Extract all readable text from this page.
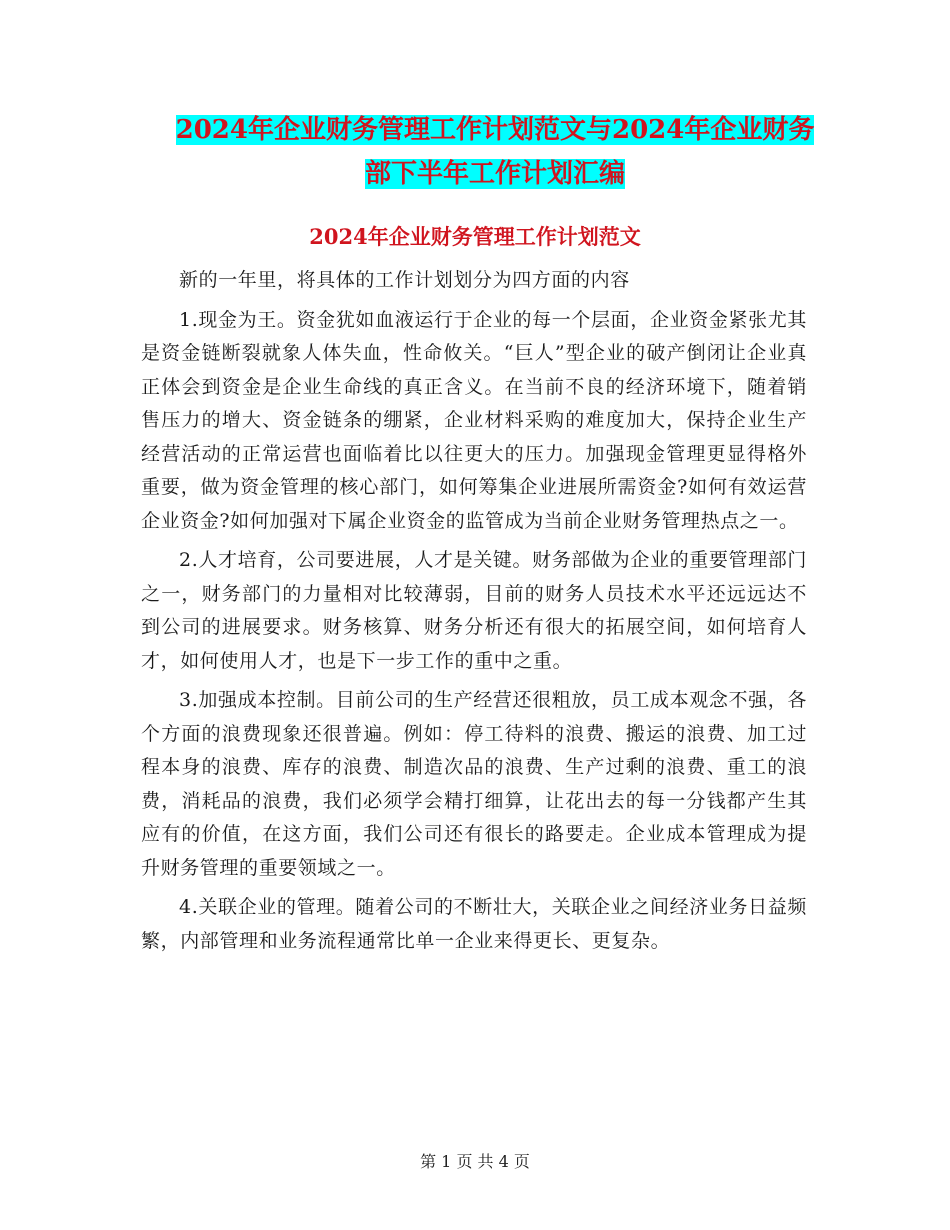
2024年企业财务管理工作计划范文与2024年企业财务
部下半年工作计划汇编
2024年企业财务管理工作计划范文

新的一年里，将具体的工作计划划分为四方面的内容

1.现金为王。资金犹如血液运行于企业的每一个层面，企业资金紧张尤其是资金链断裂就象人体失血，性命攸关。“巨人”型企业的破产倒闭让企业真正体会到资金是企业生命线的真正含义。在当前不良的经济环境下，随着销售压力的增大、资金链条的绷紧，企业材料采购的难度加大，保持企业生产经营活动的正常运营也面临着比以往更大的压力。加强现金管理更显得格外重要，做为资金管理的核心部门，如何筹集企业进展所需资金?如何有效运营企业资金?如何加强对下属企业资金的监管成为当前企业财务管理热点之一。

2.人才培育，公司要进展，人才是关键。财务部做为企业的重要管理部门之一，财务部门的力量相对比较薄弱，目前的财务人员技术水平还远远达不到公司的进展要求。财务核算、财务分析还有很大的拓展空间，如何培育人才，如何使用人才，也是下一步工作的重中之重。

3.加强成本控制。目前公司的生产经营还很粗放，员工成本观念不强，各个方面的浪费现象还很普遍。例如：停工待料的浪费、搬运的浪费、加工过程本身的浪费、库存的浪费、制造次品的浪费、生产过剩的浪费、重工的浪费，消耗品的浪费，我们必须学会精打细算，让花出去的每一分钱都产生其应有的价值，在这方面，我们公司还有很长的路要走。企业成本管理成为提升财务管理的重要领域之一。

4.关联企业的管理。随着公司的不断壮大，关联企业之间经济业务日益频繁，内部管理和业务流程通常比单一企业来得更长、更复杂。

第 1 页 共 4 页
